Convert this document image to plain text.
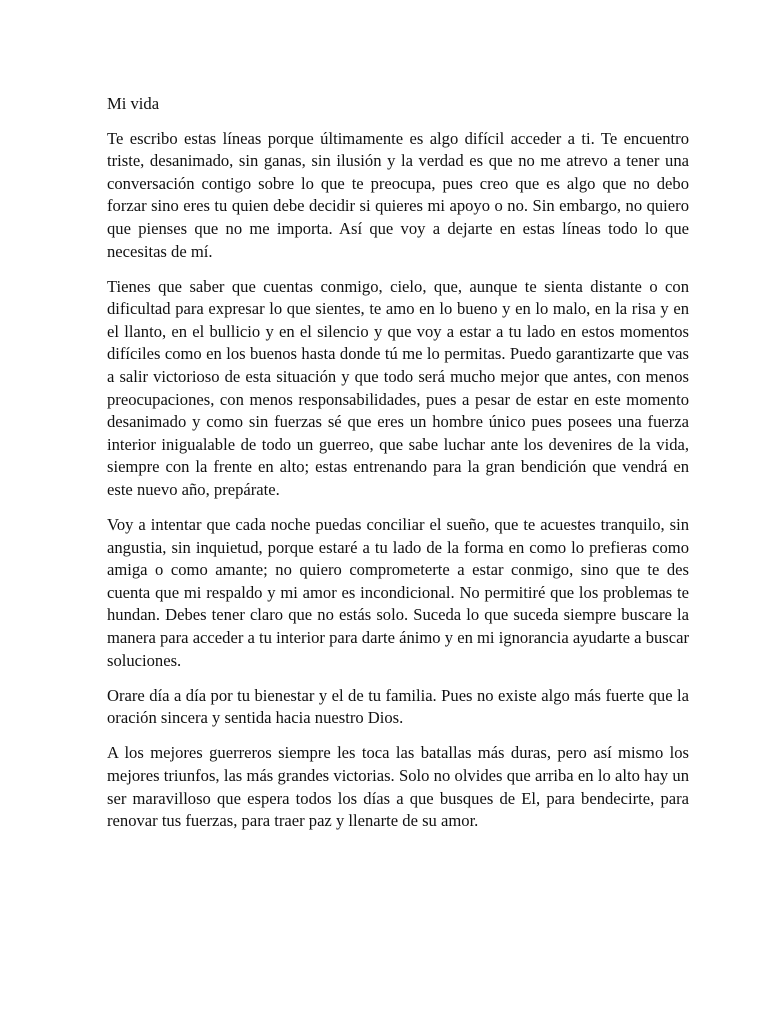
Mi vida

Te escribo estas líneas porque últimamente es algo difícil acceder a ti. Te encuentro triste, desanimado, sin ganas, sin ilusión y la verdad es que no me atrevo a tener una conversación contigo sobre lo que te preocupa, pues creo que es algo que no debo forzar sino eres tu quien debe decidir si quieres mi apoyo o no. Sin embargo, no quiero que pienses que no me importa. Así que voy a dejarte en estas líneas todo lo que necesitas de mí.

Tienes que saber que cuentas conmigo, cielo, que, aunque te sienta distante o con dificultad para expresar lo que sientes, te amo en lo bueno y en lo malo, en la risa y en el llanto, en el bullicio y en el silencio y que voy a estar a tu lado en estos momentos difíciles como en los buenos hasta donde tú me lo permitas. Puedo garantizarte que vas a salir victorioso de esta situación y que todo será mucho mejor que antes, con menos preocupaciones, con menos responsabilidades, pues a pesar de estar en este momento desanimado y como sin fuerzas sé que eres un hombre único pues posees una fuerza interior inigualable de todo un guerreo, que sabe luchar ante los devenires de la vida, siempre con la frente en alto; estas entrenando para la gran bendición que vendrá en este nuevo año, prepárate.

Voy a intentar que cada noche puedas conciliar el sueño, que te acuestes tranquilo, sin angustia, sin inquietud, porque estaré a tu lado de la forma en como lo prefieras como amiga o como amante; no quiero comprometerte a estar conmigo, sino que te des cuenta que mi respaldo y mi amor es incondicional. No permitiré que los problemas te hundan. Debes tener claro que no estás solo. Suceda lo que suceda siempre buscare la manera para acceder a tu interior para darte ánimo y en mi ignorancia ayudarte a buscar soluciones.

Orare día a día por tu bienestar y el de tu familia. Pues no existe algo más fuerte que la oración sincera y sentida hacia nuestro Dios.

A los mejores guerreros siempre les toca las batallas más duras, pero así mismo los mejores triunfos, las más grandes victorias. Solo no olvides que arriba en lo alto hay un ser maravilloso que espera todos los días a que busques de El, para bendecirte, para renovar tus fuerzas, para traer paz y llenarte de su amor.
